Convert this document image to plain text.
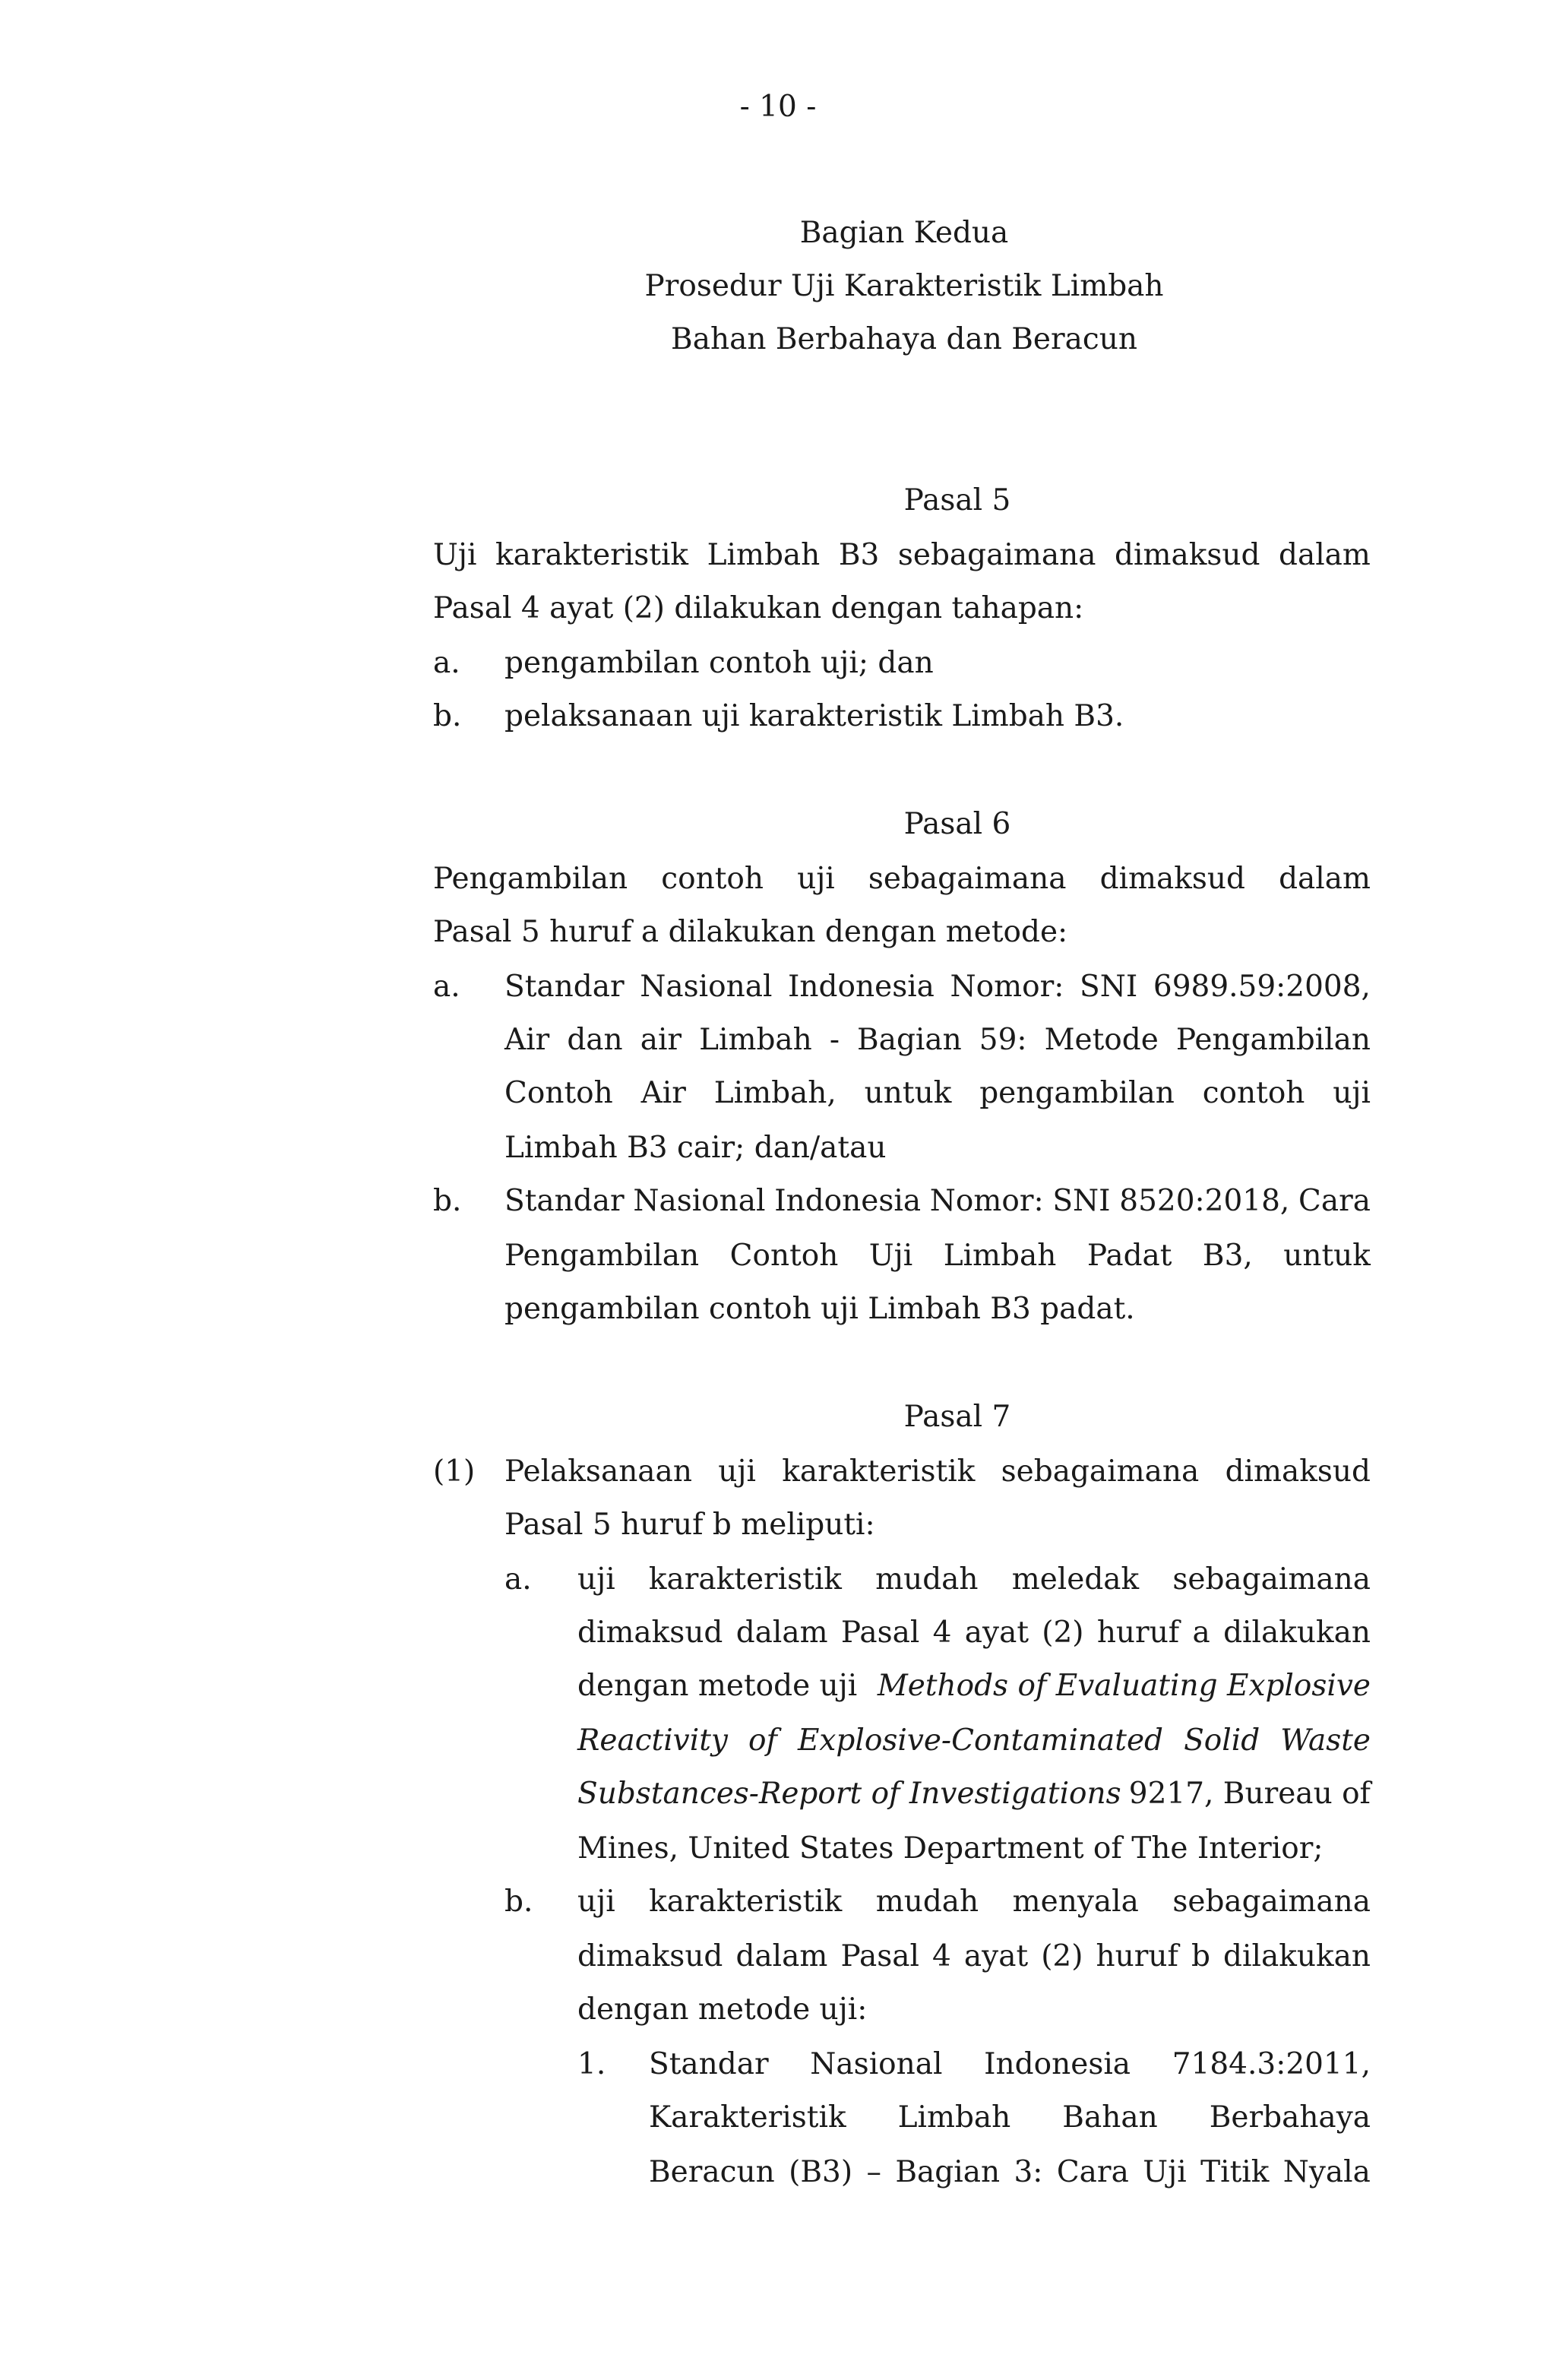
- 10 -
Bagian Kedua
Prosedur Uji Karakteristik Limbah
Bahan Berbahaya dan Beracun
Pasal 5
Uji karakteristik Limbah B3 sebagaimana dimaksud dalam
Pasal 4 ayat (2) dilakukan dengan tahapan:
a. pengambilan contoh uji; dan
b. pelaksanaan uji karakteristik Limbah B3.
Pasal 6
Pengambilan contoh uji sebagaimana dimaksud dalam
Pasal 5 huruf a dilakukan dengan metode:
a. Standar Nasional Indonesia Nomor: SNI 6989.59:2008,
Air dan air Limbah - Bagian 59: Metode Pengambilan
Contoh Air Limbah, untuk pengambilan contoh uji
Limbah B3 cair; dan/atau
b. Standar Nasional Indonesia Nomor: SNI 8520:2018, Cara
Pengambilan Contoh Uji Limbah Padat B3, untuk
pengambilan contoh uji Limbah B3 padat.
Pasal 7
(1) Pelaksanaan uji karakteristik sebagaimana dimaksud
Pasal 5 huruf b meliputi:
a. uji karakteristik mudah meledak sebagaimana
dimaksud dalam Pasal 4 ayat (2) huruf a dilakukan
dengan metode uji Methods of Evaluating Explosive
Reactivity of Explosive-Contaminated Solid Waste
Substances-Report of Investigations 9217, Bureau of
Mines, United States Department of The Interior;
b. uji karakteristik mudah menyala sebagaimana
dimaksud dalam Pasal 4 ayat (2) huruf b dilakukan
dengan metode uji:
1. Standar Nasional Indonesia 7184.3:2011,
Karakteristik Limbah Bahan Berbahaya
Beracun (B3) – Bagian 3: Cara Uji Titik Nyala
